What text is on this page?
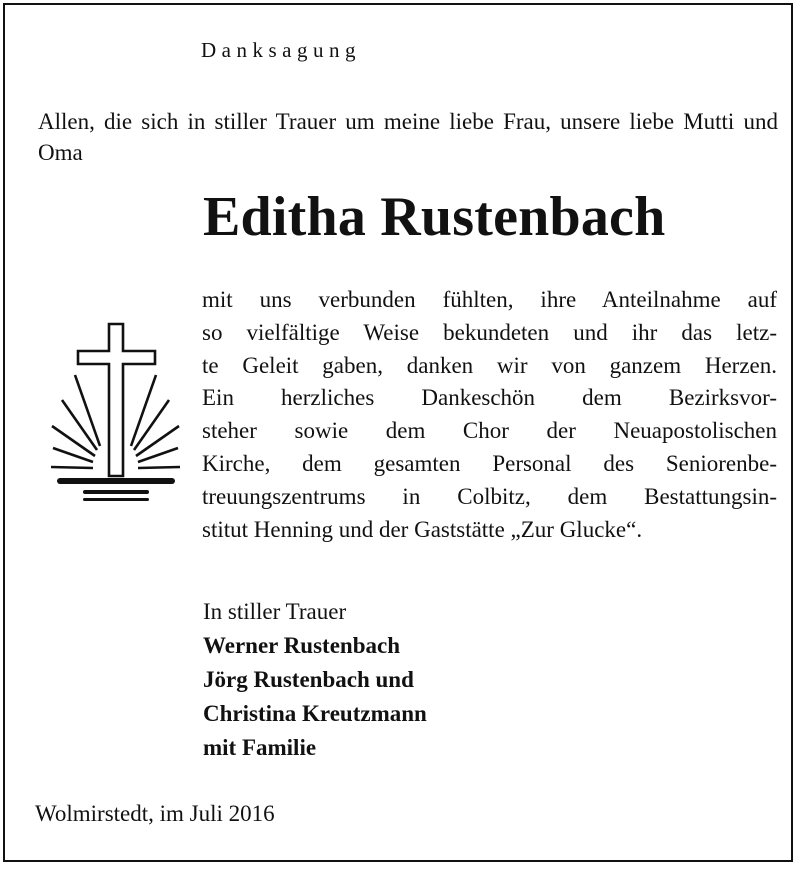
Danksagung
Allen, die sich in stiller Trauer um meine liebe Frau, unsere liebe Mutti und Oma
Editha Rustenbach
mit uns verbunden fühlten, ihre Anteilnahme auf
so vielfältige Weise bekundeten und ihr das letz-
te Geleit gaben, danken wir von ganzem Herzen.
Ein herzliches Dankeschön dem Bezirksvor-
steher sowie dem Chor der Neuapostolischen
Kirche, dem gesamten Personal des Seniorenbe-
treuungszentrums in Colbitz, dem Bestattungsin-
stitut Henning und der Gaststätte „Zur Glucke“.
In stiller Trauer
Werner Rustenbach
Jörg Rustenbach und
Christina Kreutzmann
mit Familie
Wolmirstedt, im Juli 2016
